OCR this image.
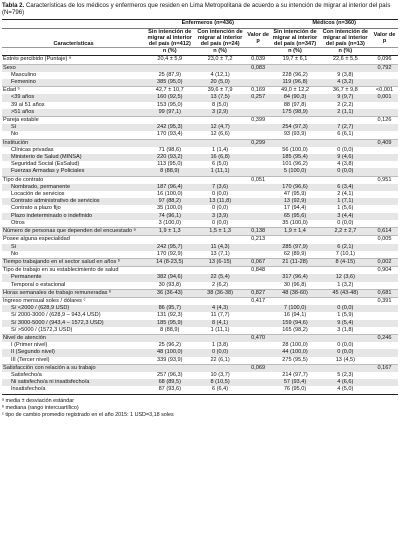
Tabla 2. Características de los médicos y enfermeros que residen en Lima Metropolitana de acuerdo a su intención de migrar al interior del país (N=796)
	Enfermeros (n=436)			Médicos (n=360)		
Características	Sin intención de migrar al interior del país (n=412)	Con intención de migrar al interior del país (n=24)	Valor de p	Sin intención de migrar al interior del país (n=347)	Con intención de migrar al interior del país (n=13)	Valor de p
	n (%)	n (%)		n (%)	n (%)	
Estrés percibido (Puntaje) ᵃ	20,4 ± 5,9	23,0 ± 7,2	0,039	19,7 ± 6,1	22,6 ± 5,5	0,096
Sexo			0,083			0,792
Masculino	25 (87,9)	4 (12,1)		228 (96,2)	9 (3,8)	
Femenino	385 (95,0)	20 (5,0)		119 (96,8)	4 (3,2)	
Edad ᵇ	42,7 ± 10,7	39,6 ± 7,9	0,169	49,0 ± 12,2	36,7 ± 9,8	<0,001
<39 años	160 (92,5)	13 (7,5)	0,257	84 (90,3)	9 (9,7)	0,001
39 al 51 años	153 (95,0)	8 (5,0)		88 (97,8)	2 (2,2)	
>51 años	99 (97,1)	3 (2,9)		175 (98,9)	2 (1,1)	
Pareja estable			0,399			0,126
Sí	242 (95,3)	12 (4,7)		254 (97,3)	7 (2,7)	
No	170 (93,4)	12 (6,6)		93 (93,9)	6 (6,1)	
Institución			0,299			0,409
Clínicas privadas	71 (98,6)	1 (1,4)		56 (100,0)	0 (0,0)	
Ministerio de Salud (MINSA)	220 (93,2)	16 (6,8)		185 (95,4)	9 (4,6)	
Seguridad Social (EsSalud)	113 (95,0)	6 (5,0)		101 (96,2)	4 (3,8)	
Fuerzas Armadas y Policiales	8 (88,9)	1 (11,1)		5 (100,0)	0 (0,0)	
Tipo de contrato			0,051			0,951
Nombrado, permanente	187 (96,4)	7 (3,6)		170 (96,6)	6 (3,4)	
Locación de servicios	16 (100,0)	0 (0,0)		47 (95,9)	2 (4,1)	
Contrato administrativo de servicios	97 (88,2)	13 (11,8)		13 (92,9)	1 (7,1)	
Contrato a plazo fijo	35 (100,0)	0 (0,0)		17 (94,4)	1 (5,6)	
Plazo indeterminado o indefinido	74 (96,1)	3 (3,9)		65 (95,6)	3 (4,4)	
Otros	3 (100,0)	0 (0,0)		35 (100,0)	0 (0,0)	
Número de personas que dependen del encuestado ᵃ	1,9 ± 1,3	1,5 ± 1,3	0,138	1,9 ± 1,4	2,2 ± 2,7	0,614
Posee alguna especialidad			0,213			0,005
Sí	242 (95,7)	11 (4,3)		285 (97,9)	6 (2,1)	
No	170 (92,9)	13 (7,1)		62 (89,9)	7 (10,1)	
Tiempo trabajando en el sector salud en años ᵇ	14 (8-23,5)	13 (6-15)	0,067	21 (11-28)	8 (4-15)	0,002
Tipo de trabajo en su establecimiento de salud			0,848			0,904
Permanente	382 (94,6)	22 (5,4)		317 (96,4)	12 (3,6)	
Temporal o estacional	30 (93,8)	2 (6,2)		30 (96,8)	1 (3,2)	
Horas semanales de trabajo remuneradas ᵇ	36 (36-43)	38 (36-38)	0,827	48 (38-60)	45 (43-48)	0,681
Ingreso mensual soles / dólares ᶜ			0,417			0,391
S/ <2000 / (628,9 USD)	86 (95,7)	4 (4,3)		7 (100,0)	0 (0,0)	
S/ 2000-3000 / (628,9 – 943,4 USD)	131 (92,3)	11 (7,7)		16 (94,1)	1 (5,9)	
S/ 3000-5000 / (943,4 – 1572,3 USD)	185 (95,9)	8 (4,1)		159 (94,6)	9 (5,4)	
S/ >5000 / (1572,3 USD)	8 (88,9)	1 (11,1)		165 (98,2)	3 (1,8)	
Nivel de atención			0,470			0,246
I (Primer nivel)	25 (96,2)	1 (3,8)		28 (100,0)	0 (0,0)	
II (Segundo nivel)	48 (100,0)	0 (0,0)		44 (100,0)	0 (0,0)	
III (Tercer nivel)	339 (93,9)	22 (6,1)		275 (95,5)	13 (4,5)	
Satisfacción con relación a su trabajo			0,069			0,167
Satisfecho/a	257 (96,3)	10 (3,7)		214 (97,7)	5 (2,3)	
Ni satisfecho/a ni insatisfecho/a	68 (89,5)	8 (10,5)		57 (93,4)	4 (6,6)	
Insatisfecho/a	87 (93,6)	6 (6,4)		76 (95,0)	4 (5,0)	
ᵃ media ± desviación estándar
ᵇ mediana (rango intercuartílico)
ᶜ tipo de cambio promedio registrado en el año 2015: 1 USD=3,18 soles
